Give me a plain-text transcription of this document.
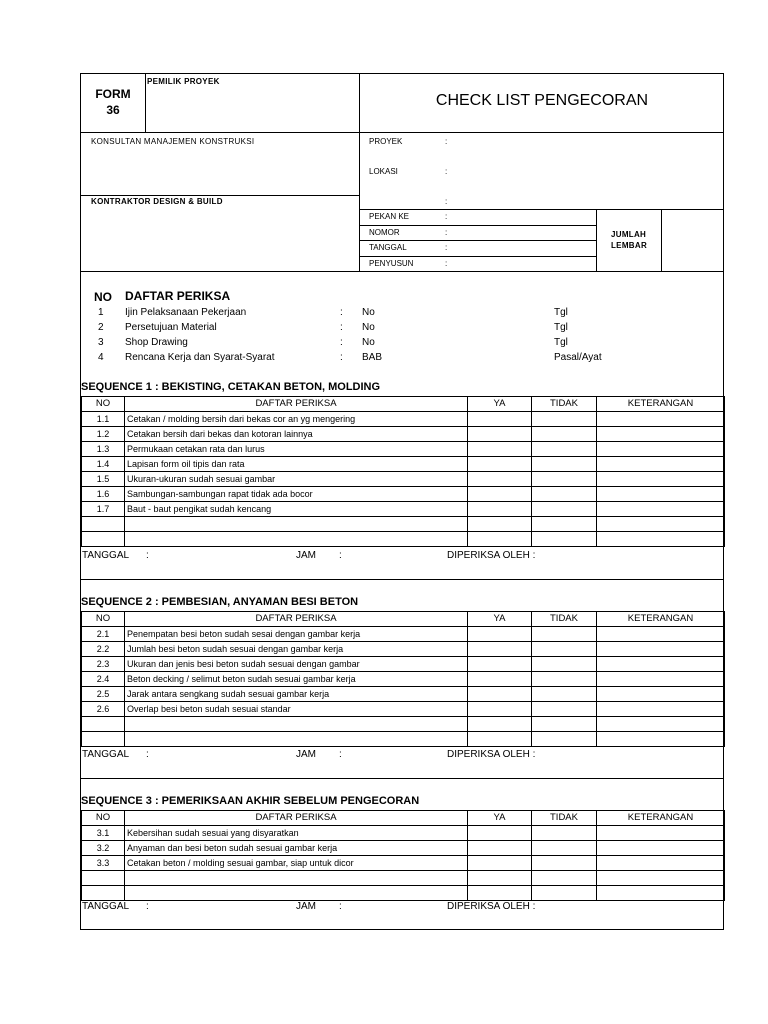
FORM
36
PEMILIK PROYEK
CHECK LIST PENGECORAN
KONSULTAN MANAJEMEN KONSTRUKSI
KONTRAKTOR DESIGN & BUILD
PROYEK	:
LOKASI	:
:
PEKAN KE	:
NOMOR	:
TANGGAL	:
PENYUSUN	:
JUMLAH
LEMBAR
NO DAFTAR PERIKSA
1 Ijin Pelaksanaan Pekerjaan	: No	Tgl
2 Persetujuan Material	: No	Tgl
3 Shop Drawing	: No	Tgl
4 Rencana Kerja dan Syarat-Syarat	: BAB	Pasal/Ayat
SEQUENCE 1 : BEKISTING, CETAKAN BETON, MOLDING
NO	DAFTAR PERIKSA	YA	TIDAK	KETERANGAN
1.1	Cetakan / molding bersih dari bekas cor an yg mengering			
1.2	Cetakan bersih dari bekas dan kotoran lainnya			
1.3	Permukaan cetakan rata dan lurus			
1.4	Lapisan form oil tipis dan rata			
1.5	Ukuran-ukuran sudah sesuai gambar			
1.6	Sambungan-sambungan rapat tidak ada bocor			
1.7	Baut - baut pengikat sudah kencang			

TANGGAL :	JAM :	DIPERIKSA OLEH :
SEQUENCE 2 : PEMBESIAN, ANYAMAN BESI BETON
NO	DAFTAR PERIKSA	YA	TIDAK	KETERANGAN
2.1	Penempatan besi beton sudah sesai dengan gambar kerja			
2.2	Jumlah besi beton sudah sesuai dengan gambar kerja			
2.3	Ukuran dan jenis besi beton sudah sesuai dengan gambar			
2.4	Beton decking / selimut beton sudah sesuai gambar kerja			
2.5	Jarak antara sengkang sudah sesuai gambar kerja			
2.6	Overlap besi beton sudah sesuai standar			

TANGGAL :	JAM :	DIPERIKSA OLEH :
SEQUENCE 3 : PEMERIKSAAN AKHIR SEBELUM PENGECORAN
NO	DAFTAR PERIKSA	YA	TIDAK	KETERANGAN
3.1	Kebersihan sudah sesuai yang disyaratkan			
3.2	Anyaman dan besi beton sudah sesuai gambar kerja			
3.3	Cetakan beton / molding sesuai gambar, siap untuk dicor			

TANGGAL :	JAM :	DIPERIKSA OLEH :
